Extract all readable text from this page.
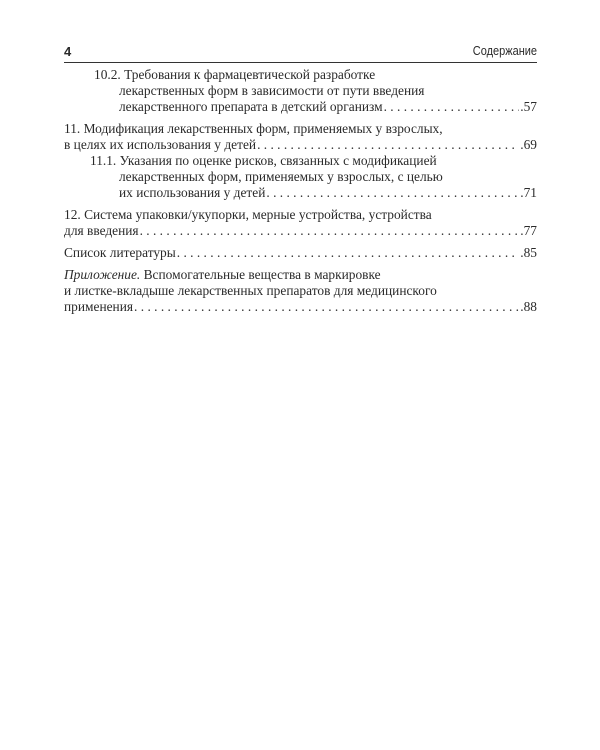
4	Содержание
10.2. Требования к фармацевтической разработке
лекарственных форм в зависимости от пути введения
лекарственного препарата в детский организм . . .	.57
11. Модификация лекарственных форм, применяемых у взрослых,
в целях их использования у детей . . .	.69
11.1. Указания по оценке рисков, связанных с модификацией
лекарственных форм, применяемых у взрослых, с целью
их использования у детей . . .	.71
12. Система упаковки/укупорки, мерные устройства, устройства
для введения . . .	.77
Список литературы . . .	.85
Приложение. Вспомогательные вещества в маркировке
и листке-вкладыше лекарственных препаратов для медицинского
применения . . .	.88
